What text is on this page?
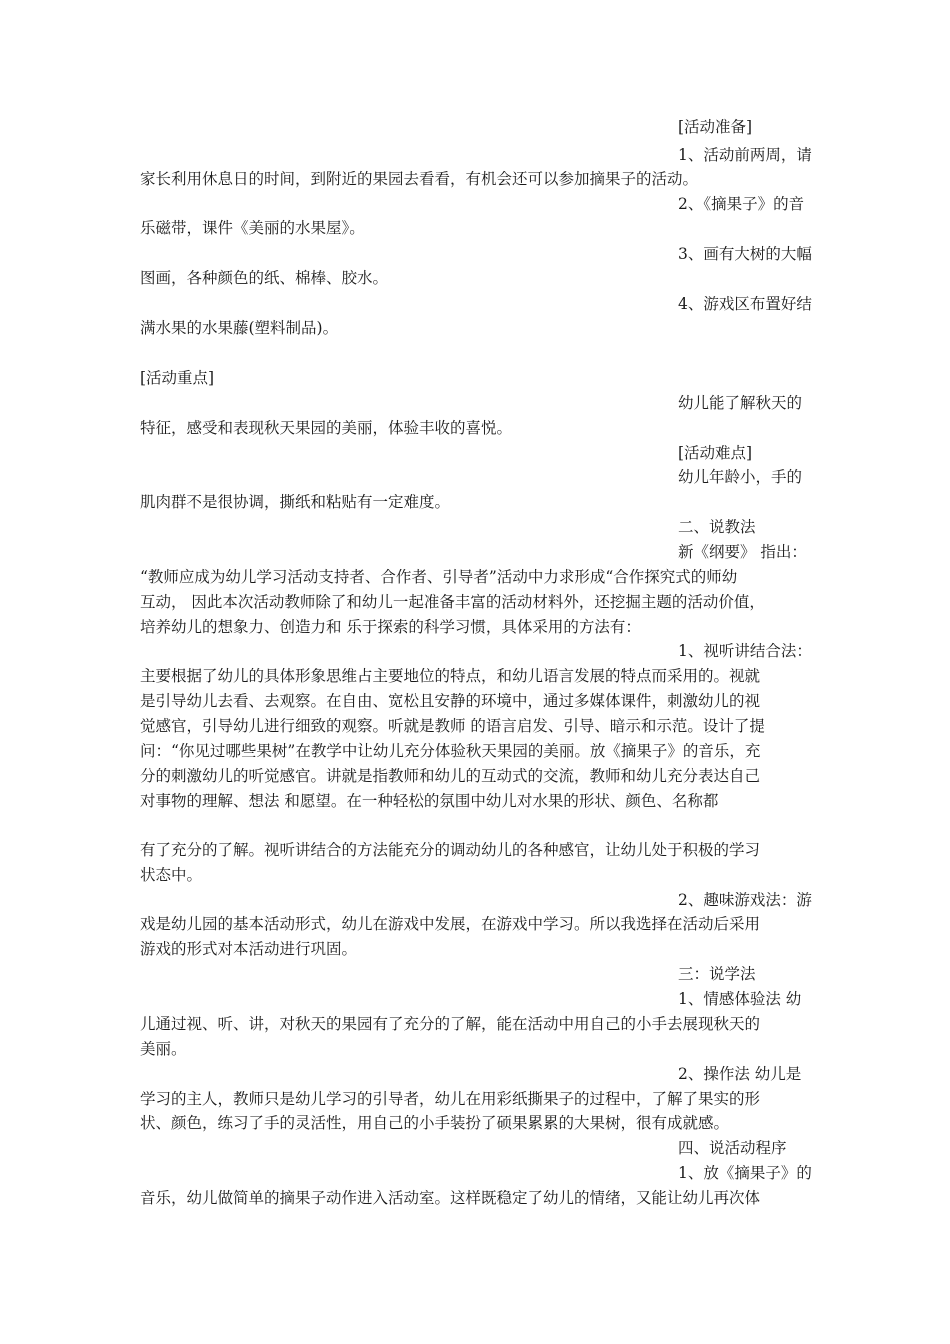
[活动准备]
1、活动前两周，请
家长利用休息日的时间，到附近的果园去看看，有机会还可以参加摘果子的活动。
2、《摘果子》的音
乐磁带，课件《美丽的水果屋》。
3、画有大树的大幅
图画，各种颜色的纸、棉棒、胶水。
4、游戏区布置好结
满水果的水果藤(塑料制品)。
[活动重点]
幼儿能了解秋天的
特征，感受和表现秋天果园的美丽，体验丰收的喜悦。
[活动难点]
幼儿年龄小，手的
肌肉群不是很协调，撕纸和粘贴有一定难度。
二、说教法
新《纲要》 指出：
“教师应成为幼儿学习活动支持者、合作者、引导者”活动中力求形成“合作探究式的师幼
互动， 因此本次活动教师除了和幼儿一起准备丰富的活动材料外，还挖掘主题的活动价值，
培养幼儿的想象力、创造力和 乐于探索的科学习惯，具体采用的方法有：
1、视听讲结合法：
主要根据了幼儿的具体形象思维占主要地位的特点，和幼儿语言发展的特点而采用的。视就
是引导幼儿去看、去观察。在自由、宽松且安静的环境中，通过多媒体课件，刺激幼儿的视
觉感官，引导幼儿进行细致的观察。听就是教师 的语言启发、引导、暗示和示范。设计了提
问：“你见过哪些果树”在教学中让幼儿充分体验秋天果园的美丽。放《摘果子》的音乐，充
分的刺激幼儿的听觉感官。讲就是指教师和幼儿的互动式的交流，教师和幼儿充分表达自己
对事物的理解、想法 和愿望。在一种轻松的氛围中幼儿对水果的形状、颜色、名称都
有了充分的了解。视听讲结合的方法能充分的调动幼儿的各种感官，让幼儿处于积极的学习
状态中。
2、趣味游戏法：游
戏是幼儿园的基本活动形式，幼儿在游戏中发展，在游戏中学习。所以我选择在活动后采用
游戏的形式对本活动进行巩固。
三：说学法
1、情感体验法 幼
儿通过视、听、讲，对秋天的果园有了充分的了解，能在活动中用自己的小手去展现秋天的
美丽。
2、操作法 幼儿是
学习的主人，教师只是幼儿学习的引导者，幼儿在用彩纸撕果子的过程中，了解了果实的形
状、颜色，练习了手的灵活性，用自己的小手装扮了硕果累累的大果树，很有成就感。
四、说活动程序
1、放《摘果子》的
音乐，幼儿做简单的摘果子动作进入活动室。这样既稳定了幼儿的情绪，又能让幼儿再次体
